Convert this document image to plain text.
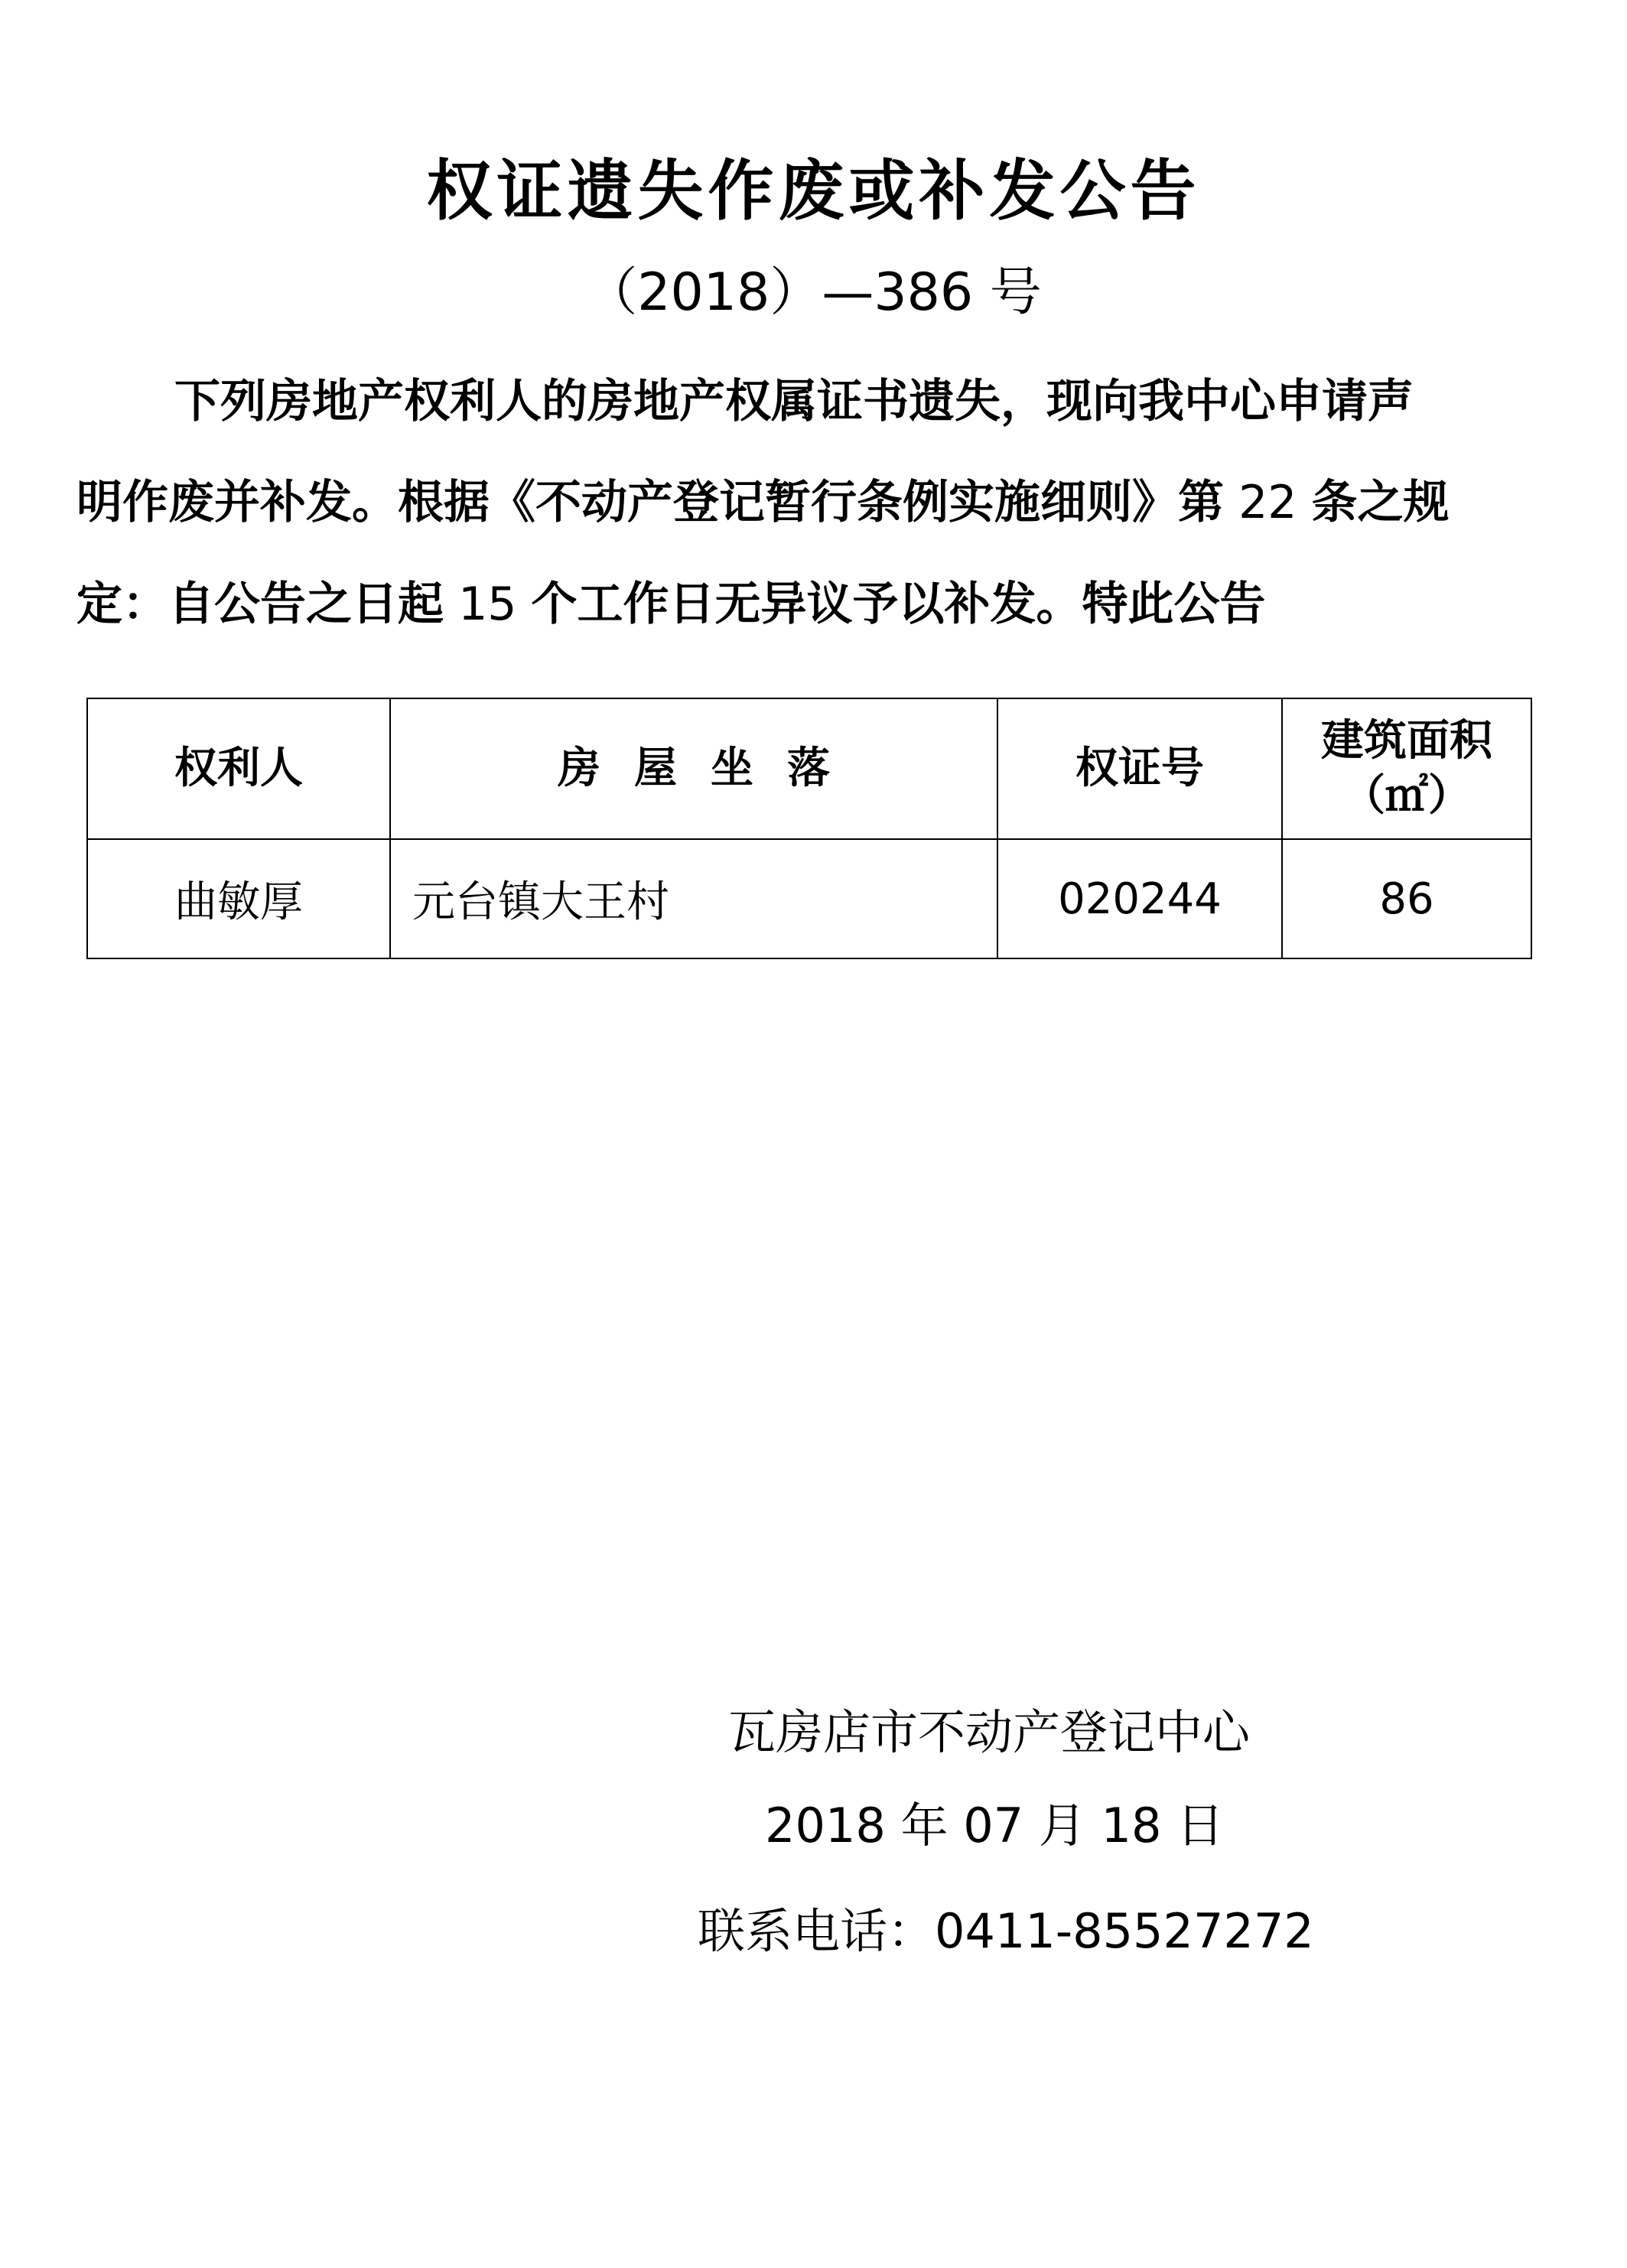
权证遗失作废或补发公告
（2018）—386 号
下列房地产权利人的房地产权属证书遗失，现向我中心申请声
明作废并补发。根据《不动产登记暂行条例实施细则》第 22 条之规
定：自公告之日起 15 个工作日无异议予以补发。特此公告
权利人	房屋坐落	权证号	建筑面积
（㎡）

曲敏厚	元台镇大王村	020244	86
瓦房店市不动产登记中心
2018 年 07 月 18 日
联系电话：0411-85527272
